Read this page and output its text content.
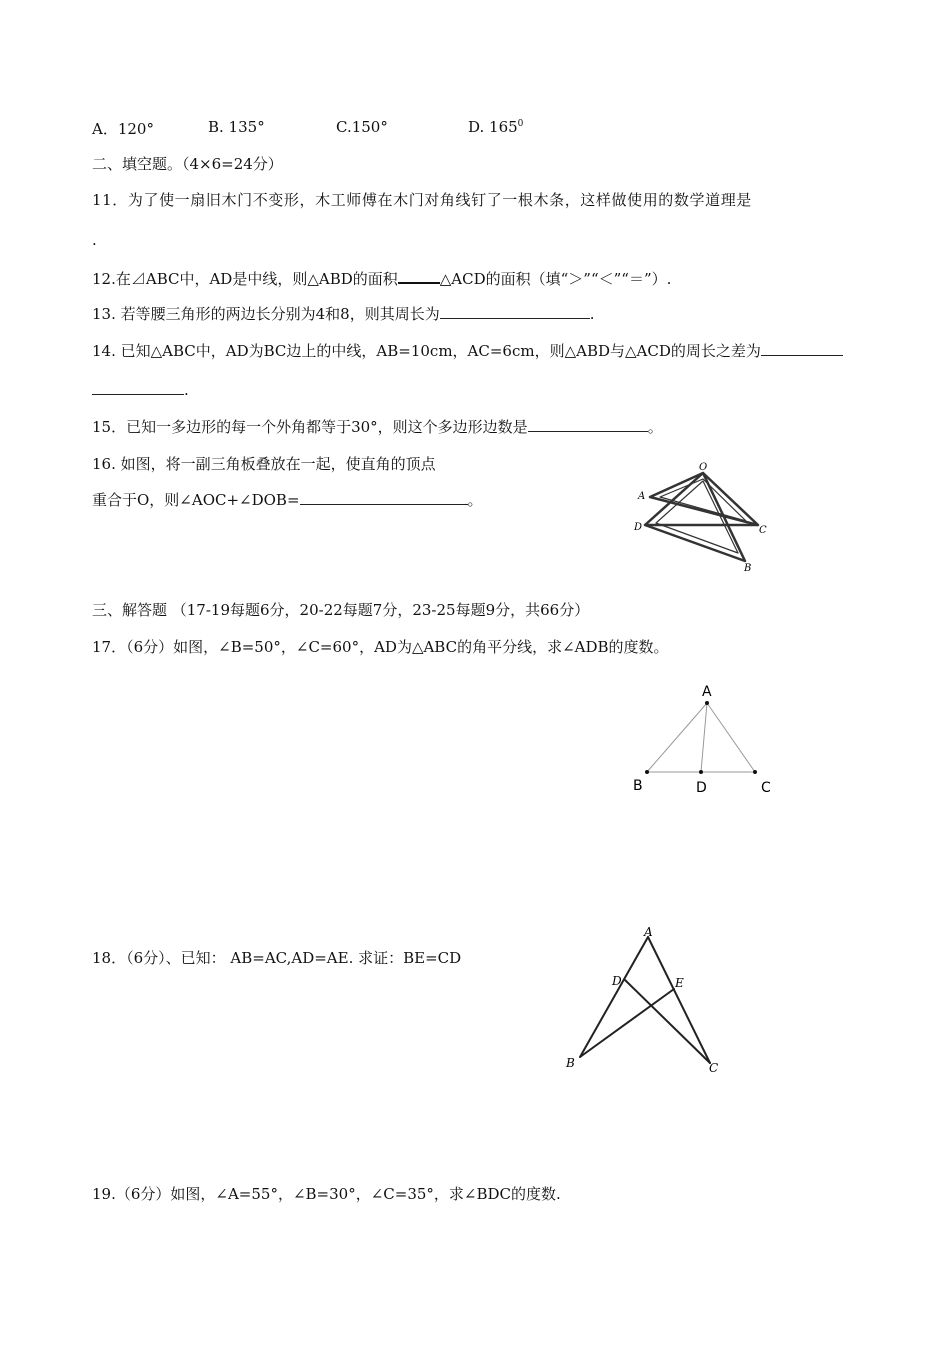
A．120°	B. 135°	C.150°	D. $165^0$
二、填空题。（4×6=24分）
11．为了使一扇旧木门不变形，木工师傅在木门对角线钉了一根木条，这样做使用的数学道理是
.
12.在⊿ABC中，AD是中线，则△ABD的面积	△ACD的面积（填“＞”“＜”“＝”）.
13. 若等腰三角形的两边长分别为4和8，则其周长为	.
14. 已知△ABC中，AD为BC边上的中线，AB=10cm，AC=6cm，则△ABD与△ACD的周长之差为
.
15．已知一多边形的每一个外角都等于30°，则这个多边形边数是	。
16. 如图，将一副三角板叠放在一起，使直角的顶点
重合于O，则∠AOC+∠DOB=	。
O
A
D	C
B
三、解答题 （17-19每题6分，20-22每题7分，23-25每题9分，共66分）
17．（6分）如图，∠B=50°，∠C=60°，AD为△ABC的角平分线，求∠ADB的度数。
A
B	D	C
18．（6分）、已知： AB=AC,AD=AE. 求证：BE=CD
A
D	E
B	C
19.（6分）如图，∠A=55°，∠B=30°，∠C=35°，求∠BDC的度数.
